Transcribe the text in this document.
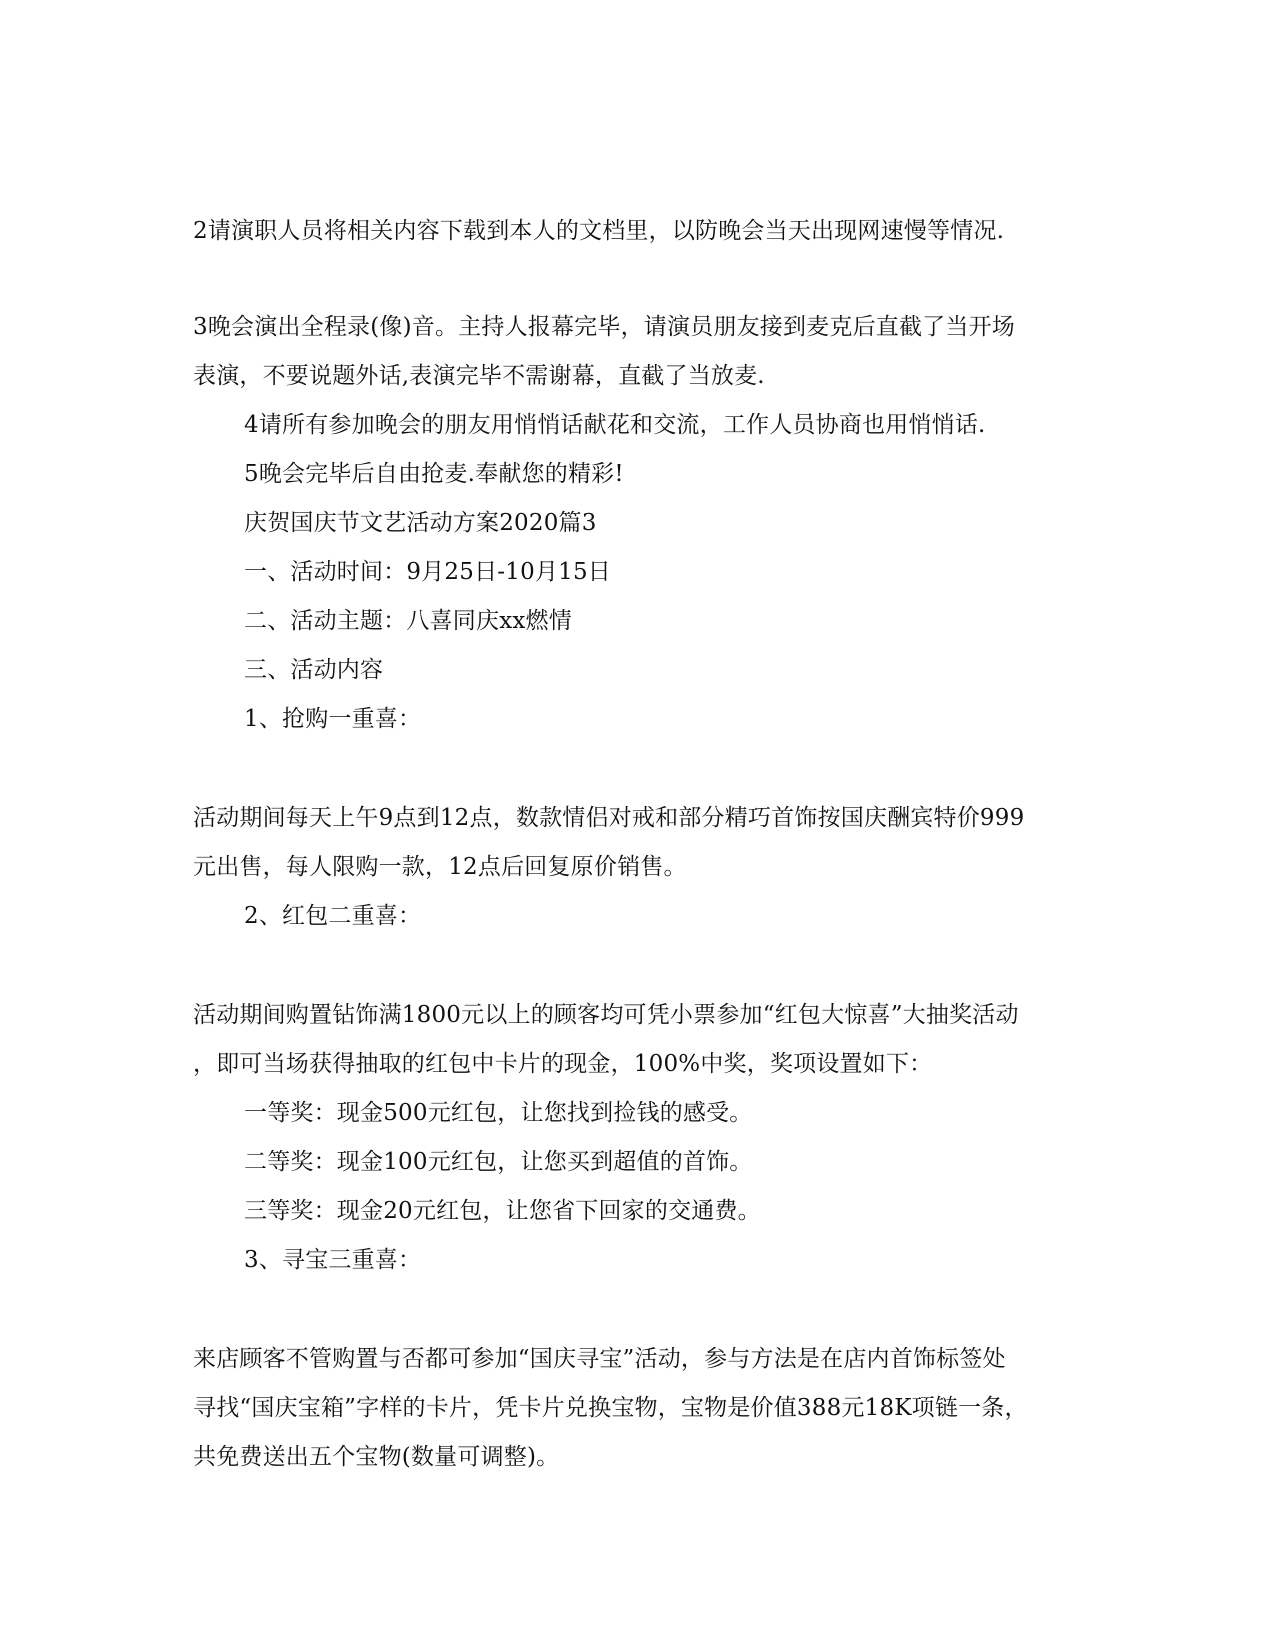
2请演职人员将相关内容下载到本人的文档里，以防晚会当天出现网速慢等情况.
3晚会演出全程录(像)音。主持人报幕完毕，请演员朋友接到麦克后直截了当开场
表演，不要说题外话,表演完毕不需谢幕，直截了当放麦.
4请所有参加晚会的朋友用悄悄话献花和交流，工作人员协商也用悄悄话.
5晚会完毕后自由抢麦.奉献您的精彩!
庆贺国庆节文艺活动方案2020篇3
一、活动时间：9月25日-10月15日
二、活动主题：八喜同庆xx燃情
三、活动内容
1、抢购一重喜：
活动期间每天上午9点到12点，数款情侣对戒和部分精巧首饰按国庆酬宾特价999
元出售，每人限购一款，12点后回复原价销售。
2、红包二重喜：
活动期间购置钻饰满1800元以上的顾客均可凭小票参加“红包大惊喜”大抽奖活动
，即可当场获得抽取的红包中卡片的现金，100%中奖，奖项设置如下：
一等奖：现金500元红包，让您找到捡钱的感受。
二等奖：现金100元红包，让您买到超值的首饰。
三等奖：现金20元红包，让您省下回家的交通费。
3、寻宝三重喜：
来店顾客不管购置与否都可参加“国庆寻宝”活动，参与方法是在店内首饰标签处
寻找“国庆宝箱”字样的卡片，凭卡片兑换宝物，宝物是价值388元18K项链一条，
共免费送出五个宝物(数量可调整)。
